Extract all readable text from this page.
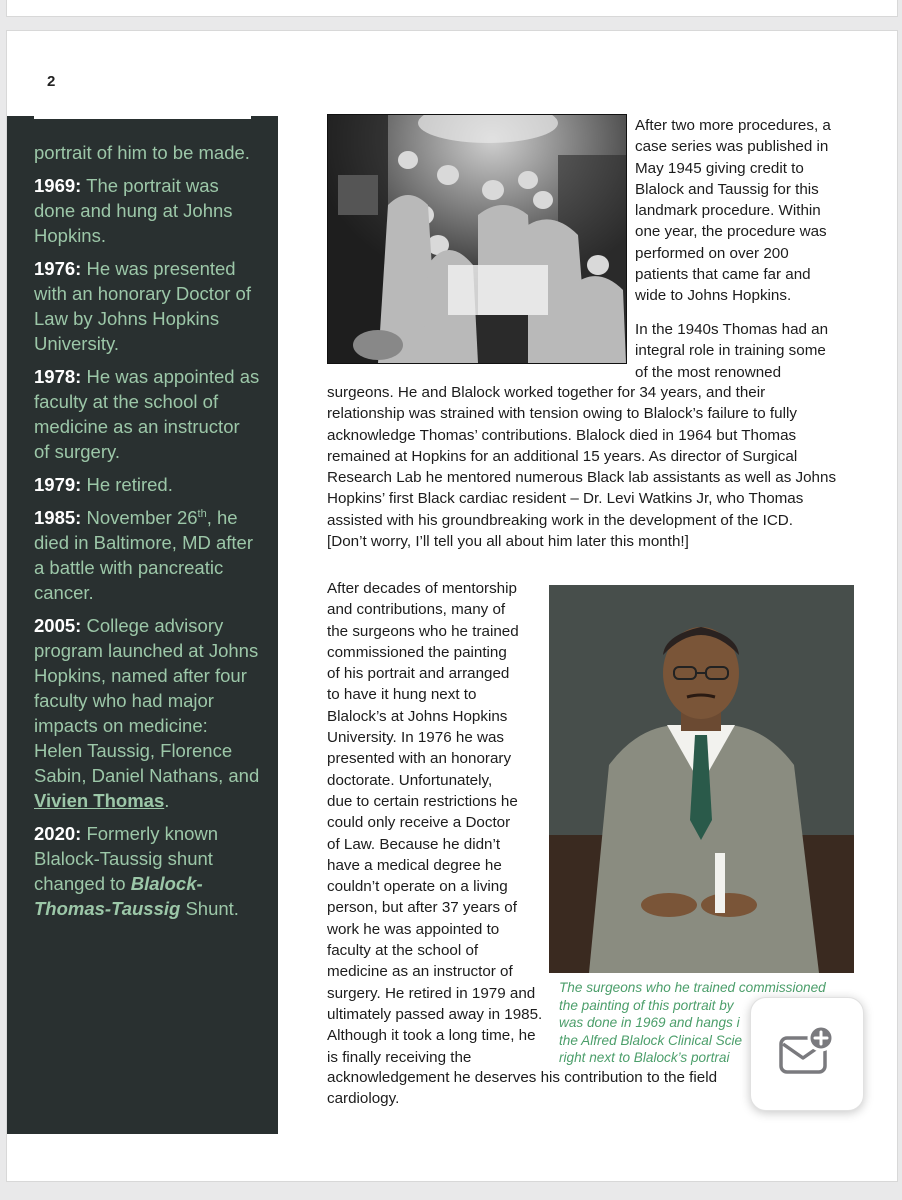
2

portrait of him to be made.

1969: The portrait was done and hung at Johns Hopkins.

1976: He was presented with an honorary Doctor of Law by Johns Hopkins University.

1978: He was appointed as faculty at the school of medicine as an instructor of surgery.

1979: He retired.

1985: November 26th, he died in Baltimore, MD after a battle with pancreatic cancer.

2005: College advisory program launched at Johns Hopkins, named after four faculty who had major impacts on medicine: Helen Taussig, Florence Sabin, Daniel Nathans, and Vivien Thomas.

2020: Formerly known Blalock-Taussig shunt changed to Blalock-Thomas-Taussig Shunt.

After two more procedures, a
case series was published in
May 1945 giving credit to
Blalock and Taussig for this
landmark procedure. Within
one year, the procedure was
performed on over 200
patients that came far and
wide to Johns Hopkins.
In the 1940s Thomas had an
integral role in training some
of the most renowned
surgeons. He and Blalock worked together for 34 years, and their
relationship was strained with tension owing to Blalock’s failure to fully
acknowledge Thomas’ contributions. Blalock died in 1964 but Thomas
remained at Hopkins for an additional 15 years. As director of Surgical
Research Lab he mentored numerous Black lab assistants as well as Johns
Hopkins’ first Black cardiac resident – Dr. Levi Watkins Jr, who Thomas
assisted with his groundbreaking work in the development of the ICD.
[Don’t worry, I’ll tell you all about him later this month!]
After decades of mentorship
and contributions, many of
the surgeons who he trained
commissioned the painting
of his portrait and arranged
to have it hung next to
Blalock’s at Johns Hopkins
University. In 1976 he was
presented with an honorary
doctorate. Unfortunately,
due to certain restrictions he
could only receive a Doctor
of Law. Because he didn’t
have a medical degree he
couldn’t operate on a living
person, but after 37 years of
work he was appointed to
faculty at the school of
medicine as an instructor of
surgery. He retired in 1979 and
ultimately passed away in 1985.
Although it took a long time, he
is finally receiving the
acknowledgement he deserves his contribution to the field
cardiology.
The surgeons who he trained commissioned
the painting of this portrait by
was done in 1969 and hangs i
the Alfred Blalock Clinical Scie
right next to Blalock’s portrai
